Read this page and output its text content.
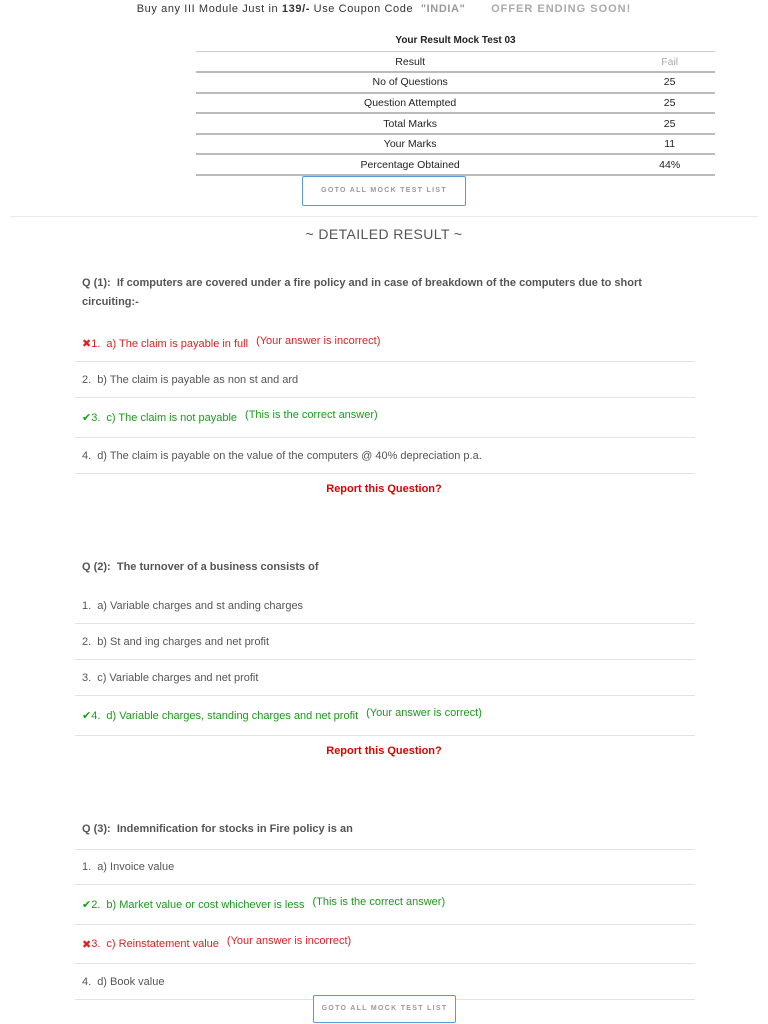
Buy any III Module Just in 139/- Use Coupon Code "INDIA" OFFER ENDING SOON!
Your Result Mock Test 03
Result	Fail
No of Questions	25
Question Attempted	25
Total Marks	25
Your Marks	11
Percentage Obtained	44%
GOTO ALL MOCK TEST LIST
~ DETAILED RESULT ~
Q (1): If computers are covered under a fire policy and in case of breakdown of the computers due to short circuiting:-
✖ 1. a) The claim is payable in full (Your answer is incorrect)
2. b) The claim is payable as non st and ard
✔ 3. c) The claim is not payable (This is the correct answer)
4. d) The claim is payable on the value of the computers @ 40% depreciation p.a.
Report this Question?
Q (2): The turnover of a business consists of
1. a) Variable charges and st anding charges
2. b) St and ing charges and net profit
3. c) Variable charges and net profit
✔ 4. d) Variable charges, standing charges and net profit (Your answer is correct)
Report this Question?
Q (3): Indemnification for stocks in Fire policy is an
1. a) Invoice value
✔ 2. b) Market value or cost whichever is less (This is the correct answer)
✖ 3. c) Reinstatement value (Your answer is incorrect)
4. d) Book value
GOTO ALL MOCK TEST LIST
